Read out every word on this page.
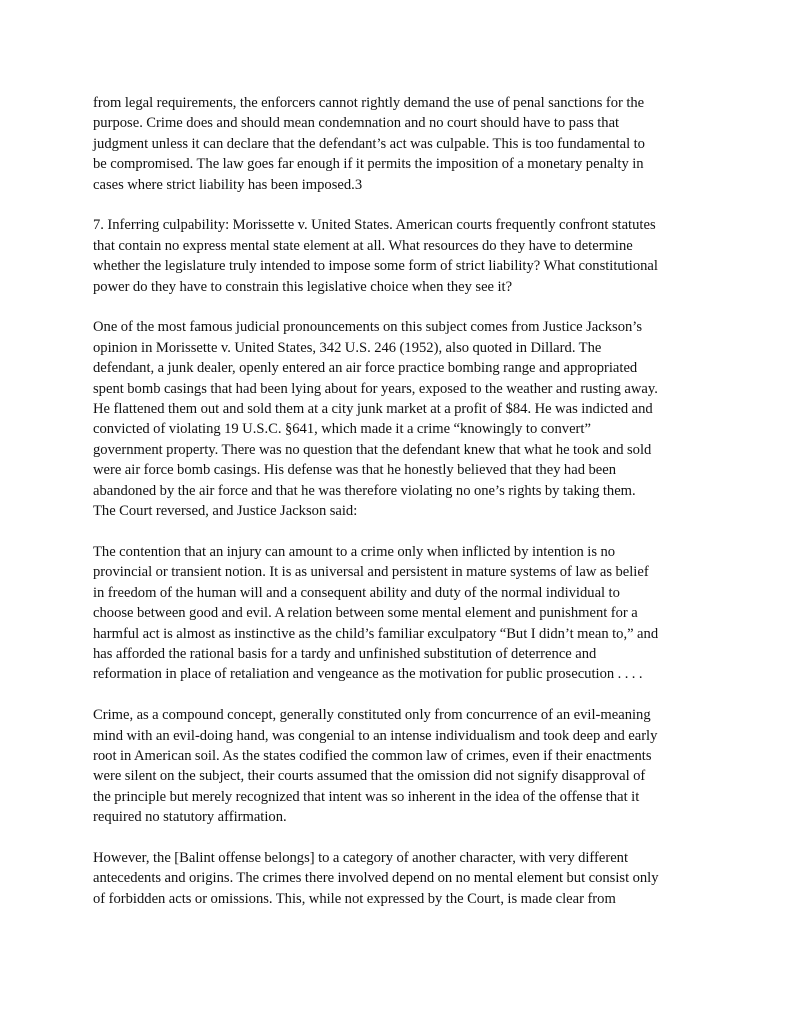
from legal requirements, the enforcers cannot rightly demand the use of penal sanctions for the
purpose. Crime does and should mean condemnation and no court should have to pass that
judgment unless it can declare that the defendant’s act was culpable. This is too fundamental to
be compromised. The law goes far enough if it permits the imposition of a monetary penalty in
cases where strict liability has been imposed.3

7. Inferring culpability: Morissette v. United States. American courts frequently confront statutes
that contain no express mental state element at all. What resources do they have to determine
whether the legislature truly intended to impose some form of strict liability? What constitutional
power do they have to constrain this legislative choice when they see it?

One of the most famous judicial pronouncements on this subject comes from Justice Jackson’s
opinion in Morissette v. United States, 342 U.S. 246 (1952), also quoted in Dillard. The
defendant, a junk dealer, openly entered an air force practice bombing range and appropriated
spent bomb casings that had been lying about for years, exposed to the weather and rusting away.
He flattened them out and sold them at a city junk market at a profit of $84. He was indicted and
convicted of violating 19 U.S.C. §641, which made it a crime “knowingly to convert”
government property. There was no question that the defendant knew that what he took and sold
were air force bomb casings. His defense was that he honestly believed that they had been
abandoned by the air force and that he was therefore violating no one’s rights by taking them.
The Court reversed, and Justice Jackson said:

The contention that an injury can amount to a crime only when inflicted by intention is no
provincial or transient notion. It is as universal and persistent in mature systems of law as belief
in freedom of the human will and a consequent ability and duty of the normal individual to
choose between good and evil. A relation between some mental element and punishment for a
harmful act is almost as instinctive as the child’s familiar exculpatory “But I didn’t mean to,” and
has afforded the rational basis for a tardy and unfinished substitution of deterrence and
reformation in place of retaliation and vengeance as the motivation for public prosecution . . . .

Crime, as a compound concept, generally constituted only from concurrence of an evil-meaning
mind with an evil-doing hand, was congenial to an intense individualism and took deep and early
root in American soil. As the states codified the common law of crimes, even if their enactments
were silent on the subject, their courts assumed that the omission did not signify disapproval of
the principle but merely recognized that intent was so inherent in the idea of the offense that it
required no statutory affirmation.

However, the [Balint offense belongs] to a category of another character, with very different
antecedents and origins. The crimes there involved depend on no mental element but consist only
of forbidden acts or omissions. This, while not expressed by the Court, is made clear from
